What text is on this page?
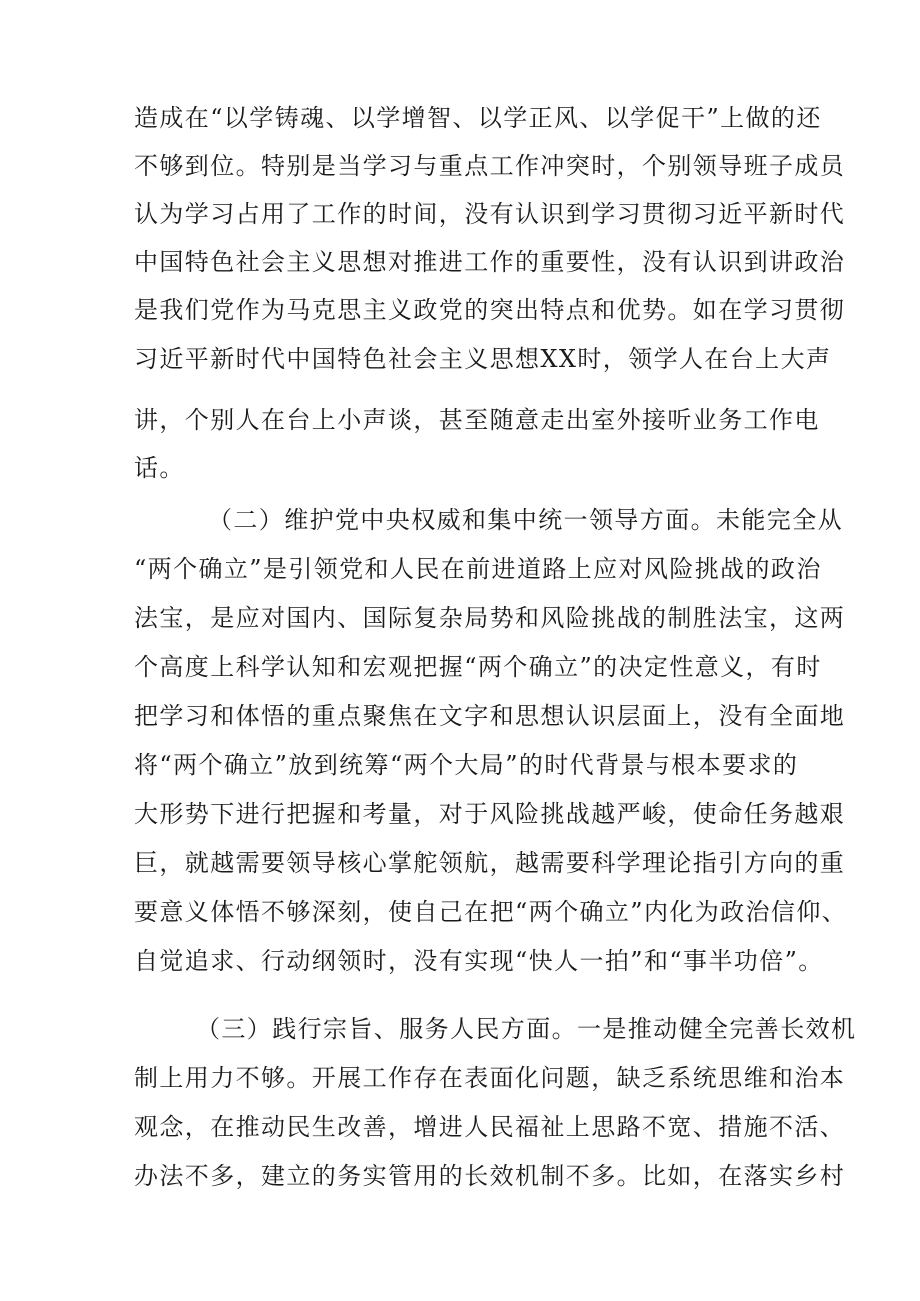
造成在“以学铸魂、以学增智、以学正风、以学促干”上做的还
不够到位。特别是当学习与重点工作冲突时，个别领导班子成员
认为学习占用了工作的时间，没有认识到学习贯彻习近平新时代
中国特色社会主义思想对推进工作的重要性，没有认识到讲政治
是我们党作为马克思主义政党的突出特点和优势。如在学习贯彻
习近平新时代中国特色社会主义思想XX时，领学人在台上大声
讲，个别人在台上小声谈，甚至随意走出室外接听业务工作电
话。
（二）维护党中央权威和集中统一领导方面。未能完全从
“两个确立”是引领党和人民在前进道路上应对风险挑战的政治
法宝，是应对国内、国际复杂局势和风险挑战的制胜法宝，这两
个高度上科学认知和宏观把握“两个确立”的决定性意义，有时
把学习和体悟的重点聚焦在文字和思想认识层面上，没有全面地
将“两个确立”放到统筹“两个大局”的时代背景与根本要求的
大形势下进行把握和考量，对于风险挑战越严峻，使命任务越艰
巨，就越需要领导核心掌舵领航，越需要科学理论指引方向的重
要意义体悟不够深刻，使自己在把“两个确立”内化为政治信仰、
自觉追求、行动纲领时，没有实现“快人一拍”和“事半功倍”。
（三）践行宗旨、服务人民方面。一是推动健全完善长效机
制上用力不够。开展工作存在表面化问题，缺乏系统思维和治本
观念，在推动民生改善，增进人民福祉上思路不宽、措施不活、
办法不多，建立的务实管用的长效机制不多。比如，在落实乡村
